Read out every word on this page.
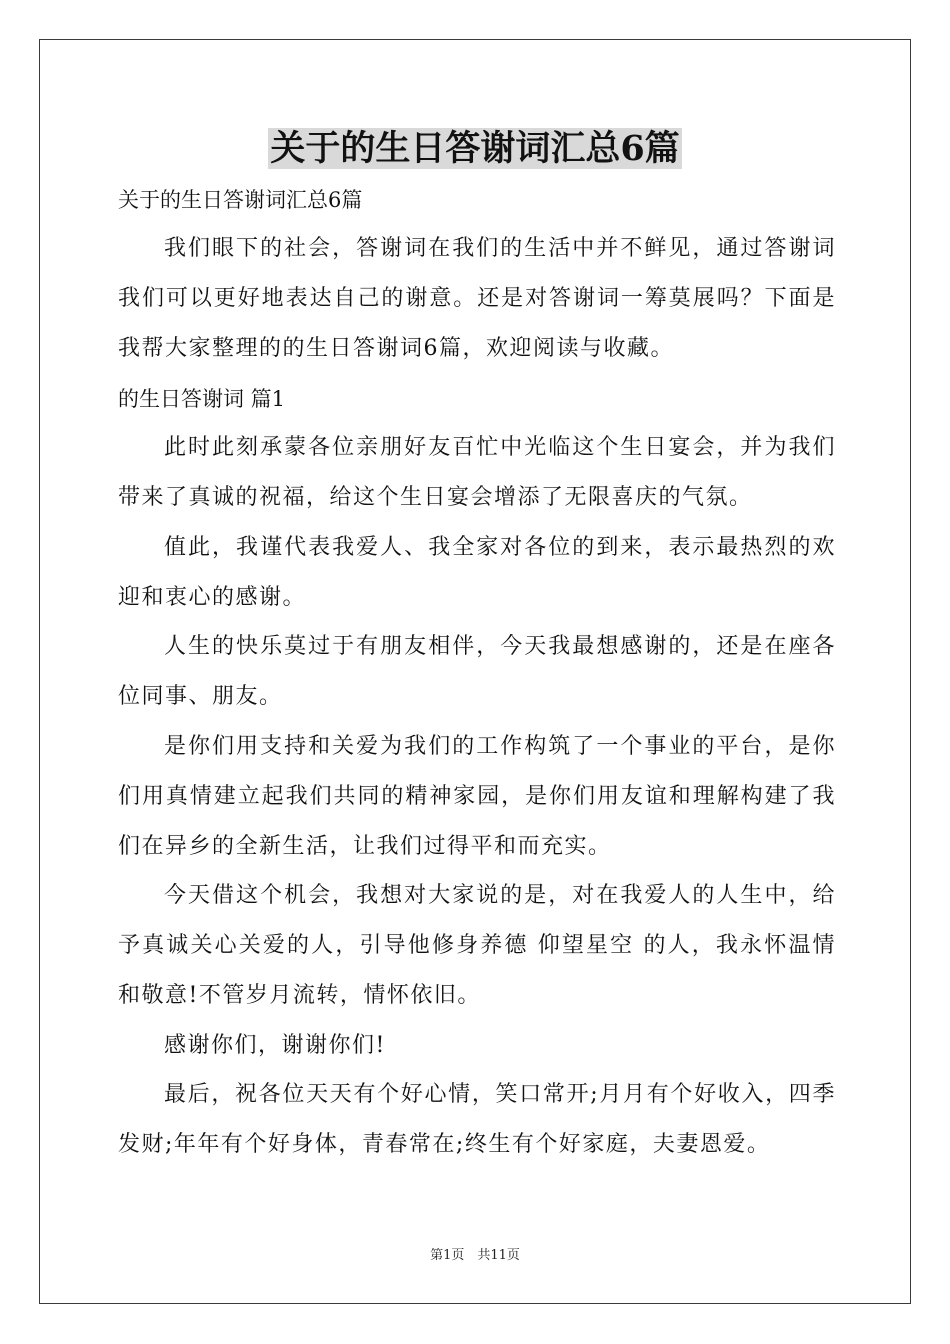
关于的生日答谢词汇总6篇
关于的生日答谢词汇总6篇
我们眼下的社会，答谢词在我们的生活中并不鲜见，通过答谢词我们可以更好地表达自己的谢意。还是对答谢词一筹莫展吗？下面是我帮大家整理的的生日答谢词6篇，欢迎阅读与收藏。
的生日答谢词 篇1
此时此刻承蒙各位亲朋好友百忙中光临这个生日宴会，并为我们带来了真诚的祝福，给这个生日宴会增添了无限喜庆的气氛。
值此，我谨代表我爱人、我全家对各位的到来，表示最热烈的欢迎和衷心的感谢。
人生的快乐莫过于有朋友相伴，今天我最想感谢的，还是在座各位同事、朋友。
是你们用支持和关爱为我们的工作构筑了一个事业的平台，是你们用真情建立起我们共同的精神家园，是你们用友谊和理解构建了我们在异乡的全新生活，让我们过得平和而充实。
今天借这个机会，我想对大家说的是，对在我爱人的人生中，给予真诚关心关爱的人，引导他修身养德 仰望星空 的人，我永怀温情和敬意!不管岁月流转，情怀依旧。
感谢你们，谢谢你们!
最后，祝各位天天有个好心情，笑口常开;月月有个好收入，四季发财;年年有个好身体，青春常在;终生有个好家庭，夫妻恩爱。
第1页　共11页
